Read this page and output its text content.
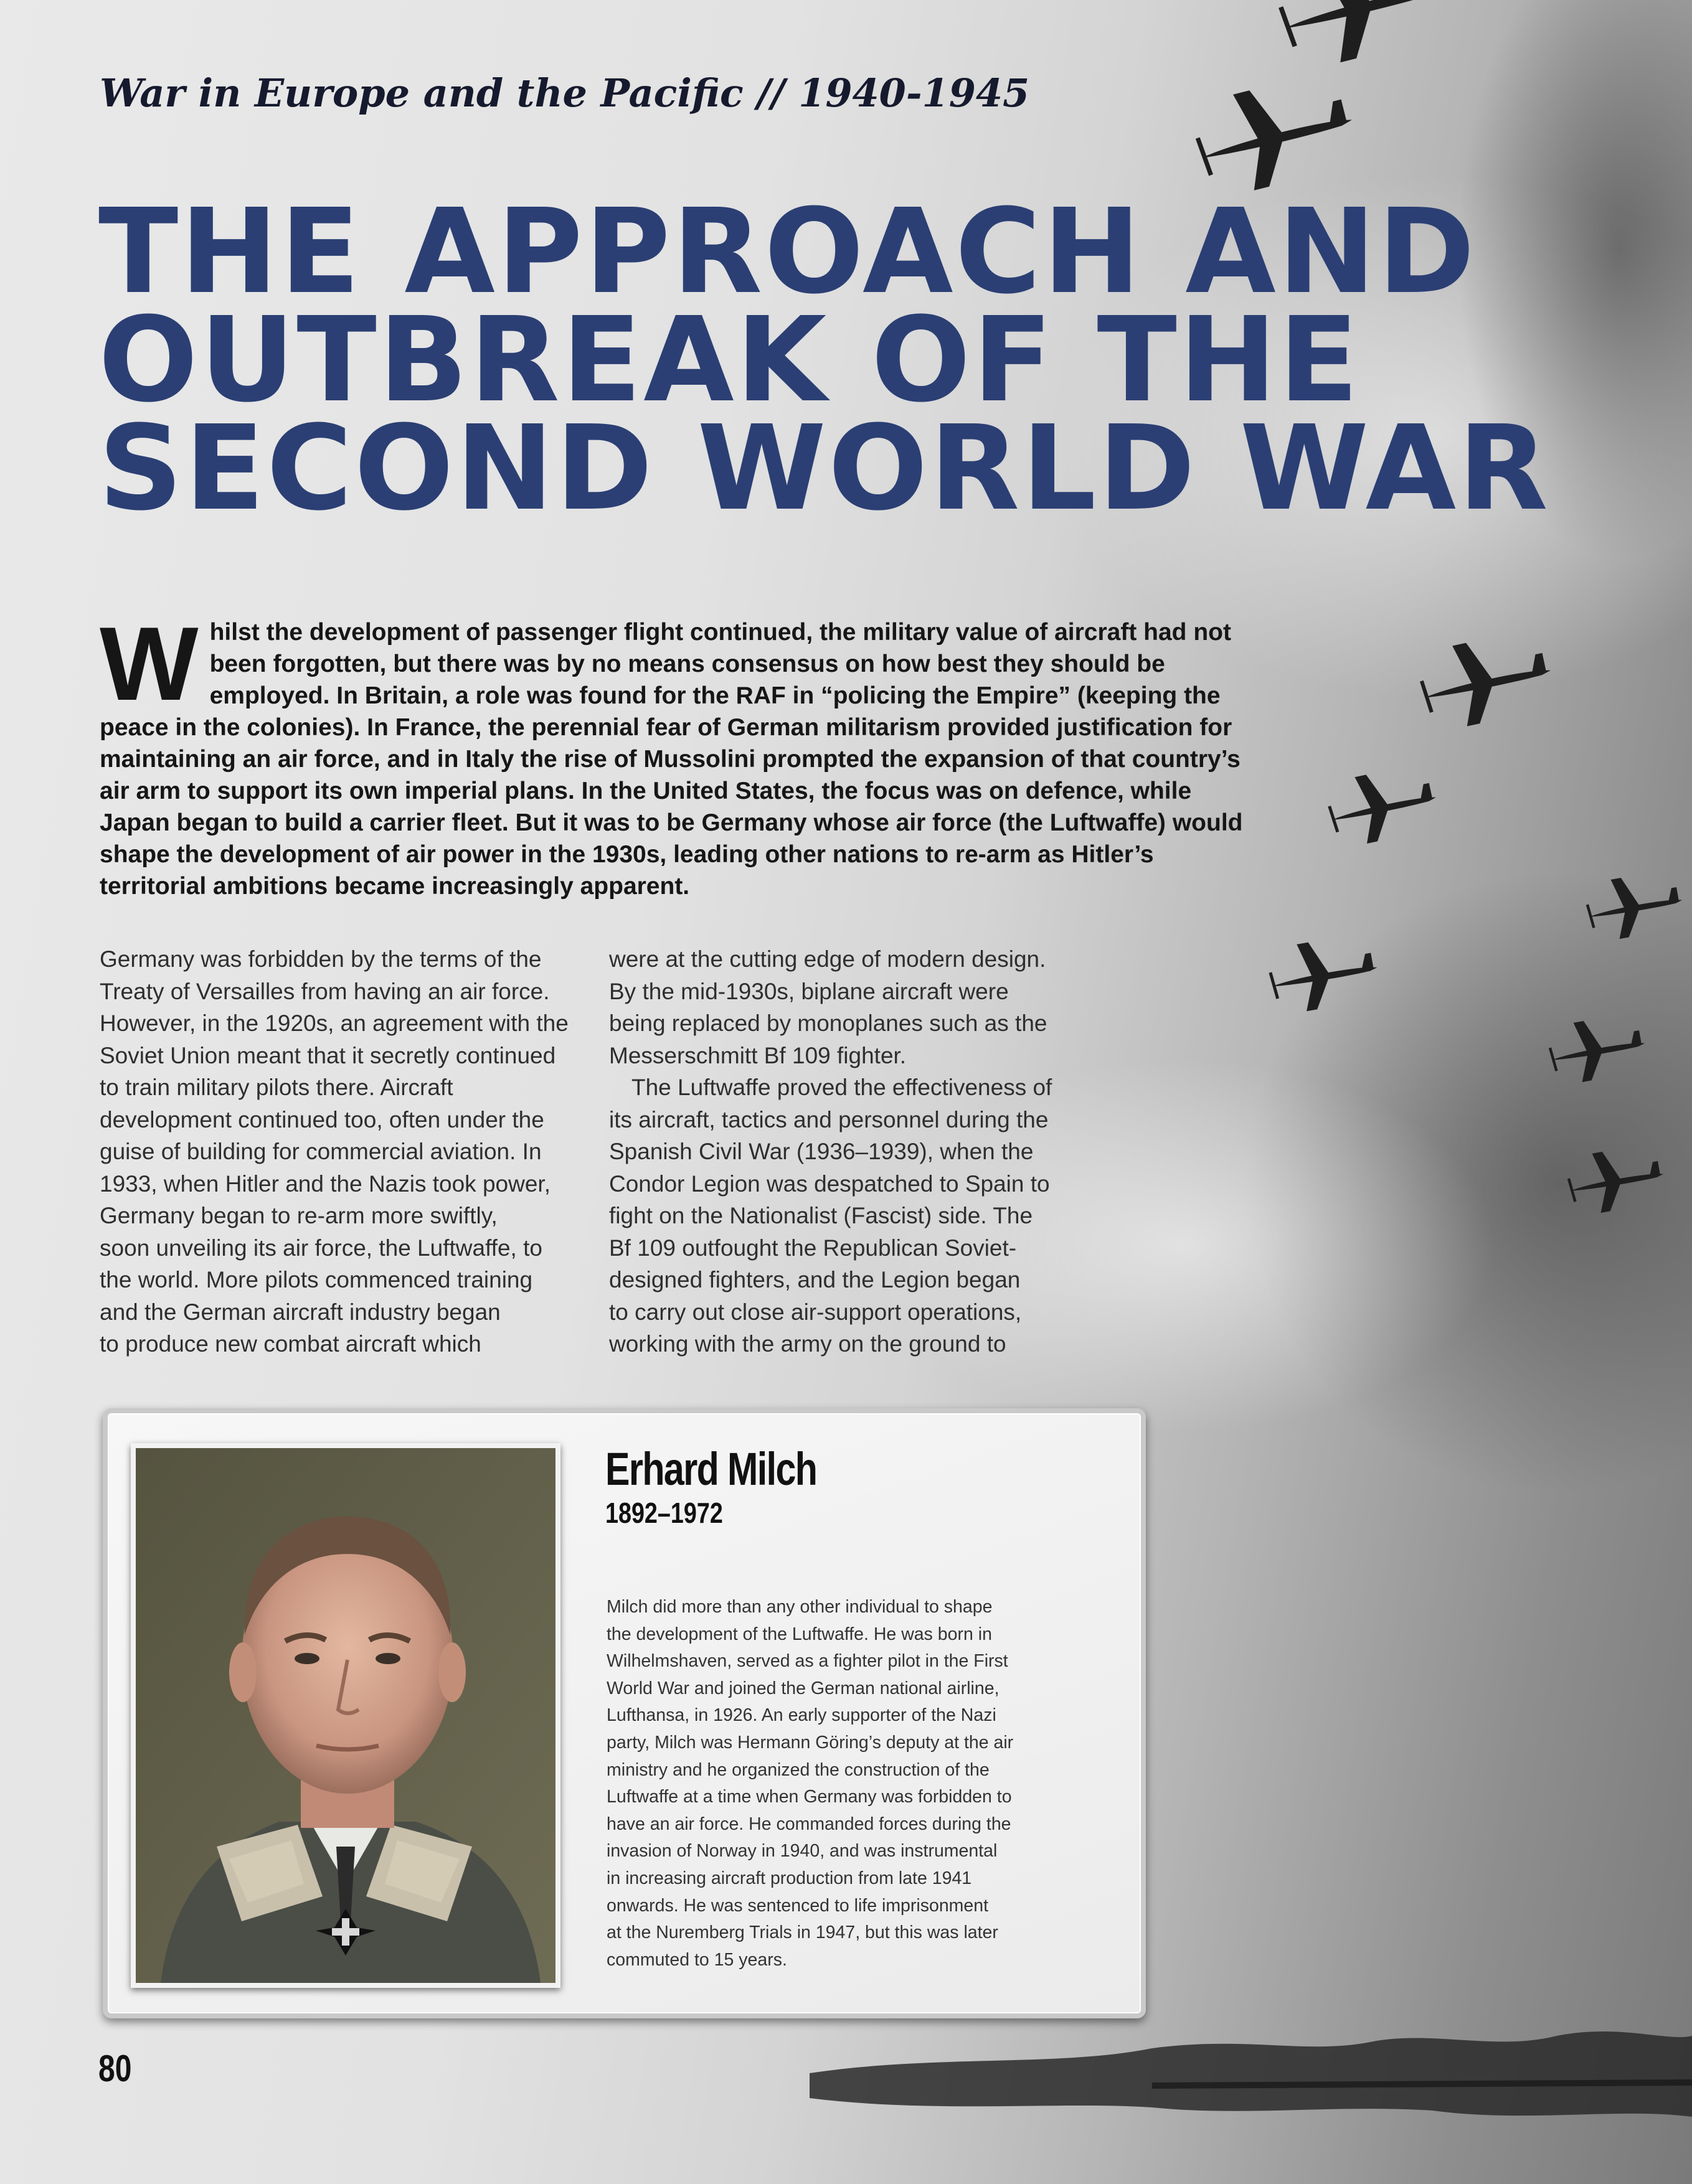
War in Europe and the Pacific // 1940-1945
THE APPROACH AND
OUTBREAK OF THE
SECOND WORLD WAR
W hilst the development of passenger flight continued, the military value of aircraft had not been forgotten, but there was by no means consensus on how best they should be employed. In Britain, a role was found for the RAF in “policing the Empire” (keeping the peace in the colonies). In France, the perennial fear of German militarism provided justification for maintaining an air force, and in Italy the rise of Mussolini prompted the expansion of that country’s air arm to support its own imperial plans. In the United States, the focus was on defence, while Japan began to build a carrier fleet. But it was to be Germany whose air force (the Luftwaffe) would shape the development of air power in the 1930s, leading other nations to re-arm as Hitler’s territorial ambitions became increasingly apparent.

Germany was forbidden by the terms of the

Treaty of Versailles from having an air force.

However, in the 1920s, an agreement with the

Soviet Union meant that it secretly continued

to train military pilots there. Aircraft

development continued too, often under the

guise of building for commercial aviation. In

1933, when Hitler and the Nazis took power,

Germany began to re-arm more swiftly,

soon unveiling its air force, the Luftwaffe, to

the world. More pilots commenced training

and the German aircraft industry began

to produce new combat aircraft which

were at the cutting edge of modern design.

By the mid-1930s, biplane aircraft were

being replaced by monoplanes such as the

Messerschmitt Bf 109 fighter.

The Luftwaffe proved the effectiveness of

its aircraft, tactics and personnel during the

Spanish Civil War (1936–1939), when the

Condor Legion was despatched to Spain to

fight on the Nationalist (Fascist) side. The

Bf 109 outfought the Republican Soviet-

designed fighters, and the Legion began

to carry out close air-support operations,

working with the army on the ground to

Erhard Milch
1892–1972

Milch did more than any other individual to shape

the development of the Luftwaffe. He was born in

Wilhelmshaven, served as a fighter pilot in the First

World War and joined the German national airline,

Lufthansa, in 1926. An early supporter of the Nazi

party, Milch was Hermann Göring’s deputy at the air

ministry and he organized the construction of the

Luftwaffe at a time when Germany was forbidden to

have an air force. He commanded forces during the

invasion of Norway in 1940, and was instrumental

in increasing aircraft production from late 1941

onwards. He was sentenced to life imprisonment

at the Nuremberg Trials in 1947, but this was later

commuted to 15 years.

80
